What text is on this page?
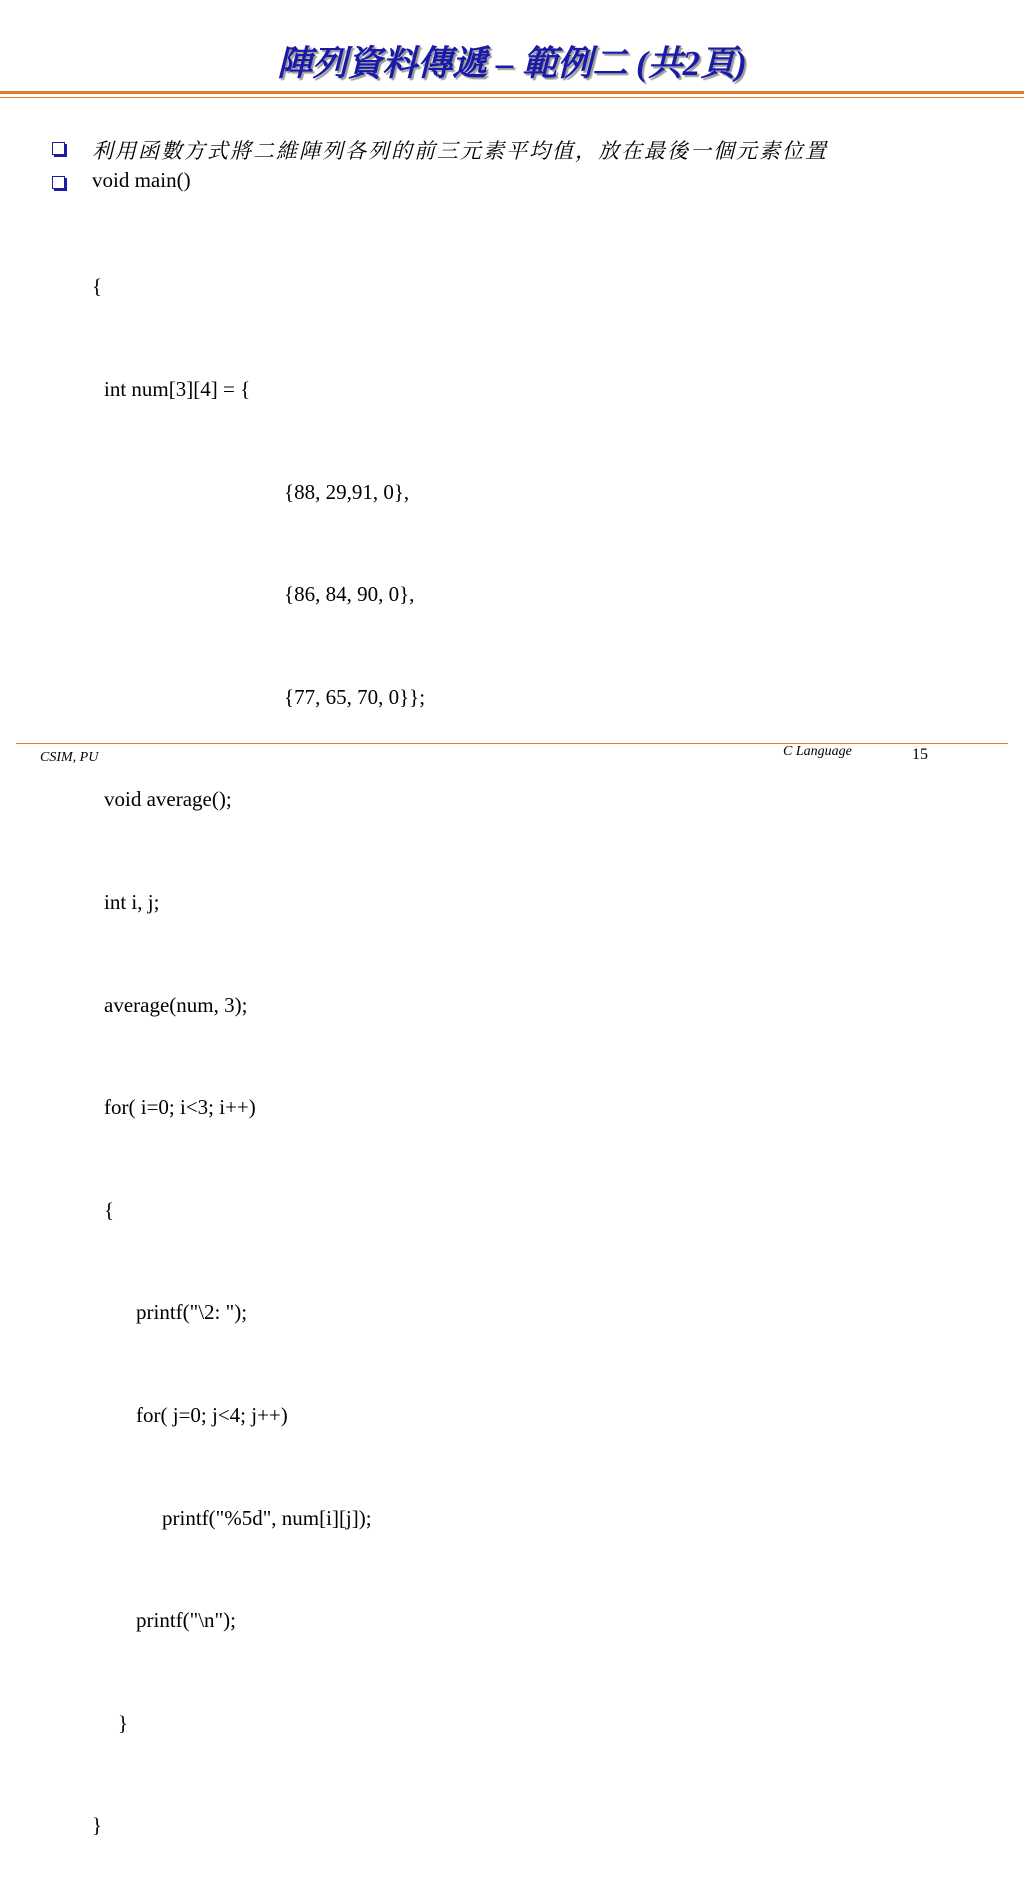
陣列資料傳遞 – 範例二 (共2頁)
利用函數方式將二維陣列各列的前三元素平均值，放在最後一個元素位置
void main()

{

int num[3][4] = {

{88, 29,91, 0},

{86, 84, 90, 0},

{77, 65, 70, 0}};

void average();

int i, j;

average(num, 3);

for( i=0; i<3; i++)

{

printf("\2: ");

for( j=0; j<4; j++)

printf("%5d", num[i][j]);

printf("\n");

}

}

CSIM, PU	C Language	15
